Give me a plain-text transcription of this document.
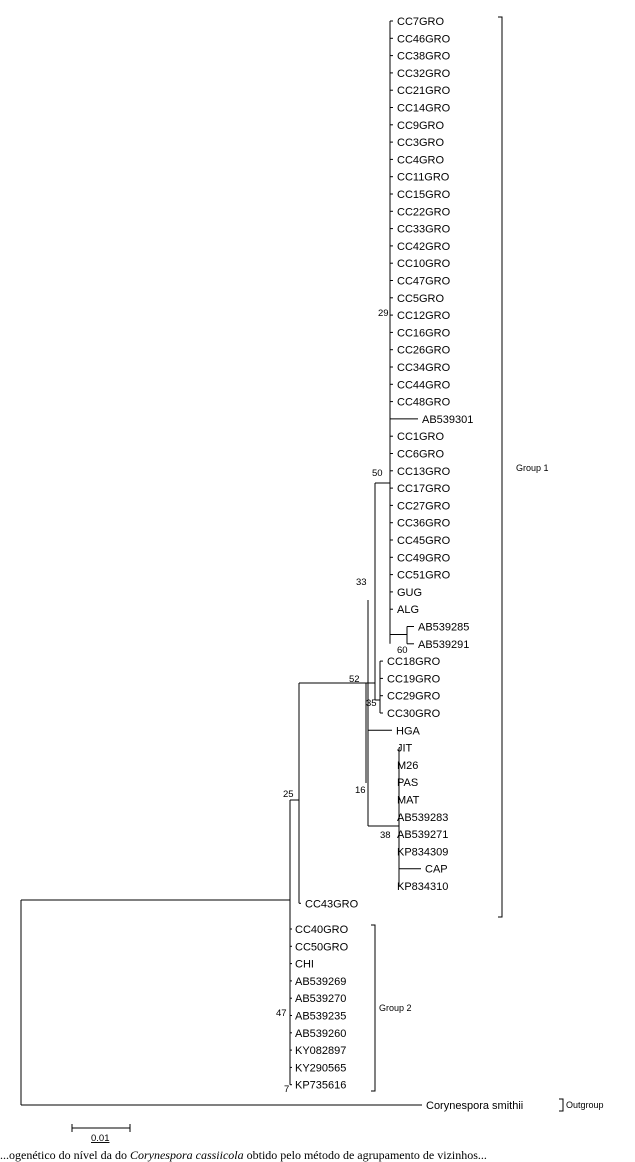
CC7GRO
CC46GRO
CC38GRO
CC32GRO
CC21GRO
CC14GRO
CC9GRO
CC3GRO
CC4GRO
CC11GRO
CC15GRO
CC22GRO
CC33GRO
CC42GRO
CC10GRO
CC47GRO
CC5GRO
CC12GRO
CC16GRO
CC26GRO
CC34GRO
CC44GRO
CC48GRO
AB539301
CC1GRO
CC6GRO
CC13GRO
CC17GRO
CC27GRO
CC36GRO
CC45GRO
CC49GRO
CC51GRO
GUG
ALG
AB539285
AB539291
CC18GRO
CC19GRO
CC29GRO
CC30GRO
HGA
JIT
M26
PAS
MAT
AB539283
AB539271
KP834309
CAP
KP834310
CC43GRO
CC40GRO
CC50GRO
CHI
AB539269
AB539270
AB539235
AB539260
KY082897
KY290565
KP735616
Corynespora smithii
29
50
33
60
52
35
16
38
25
47
7
Group 1
Group 2
Outgroup
0.01
...ogenético do nível da do Corynespora cassiicola obtido pelo método de agrupamento de vizinhos...
